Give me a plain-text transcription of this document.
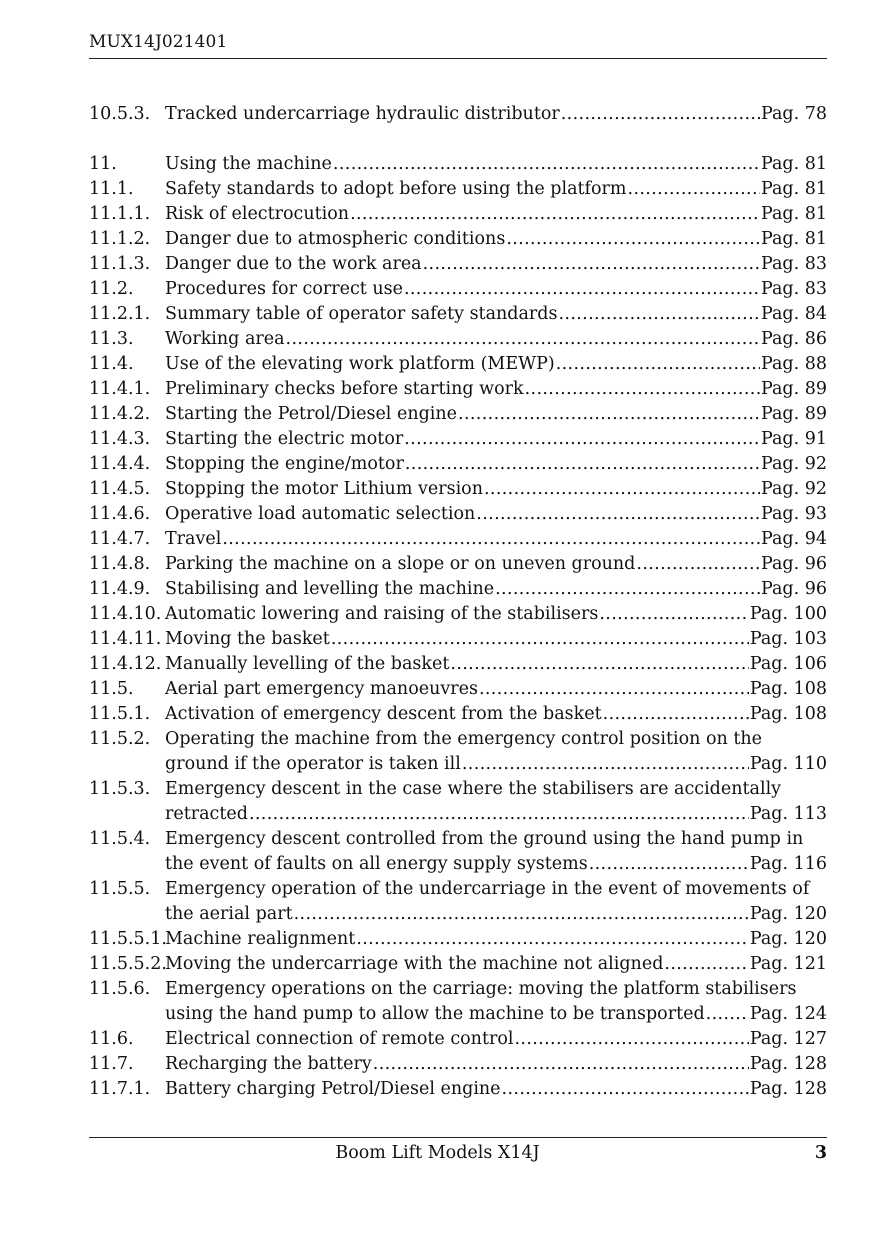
MUX14J021401
10.5.3. Tracked undercarriage hydraulic distributor . . .	Pag. 78
11.	Using the machine . . .	Pag. 81
11.1.	Safety standards to adopt before using the platform . . .	Pag. 81
11.1.1. Risk of electrocution . . .	Pag. 81
11.1.2. Danger due to atmospheric conditions . . .	Pag. 81
11.1.3. Danger due to the work area . . .	Pag. 83
11.2.	Procedures for correct use . . .	Pag. 83
11.2.1. Summary table of operator safety standards . . .	Pag. 84
11.3.	Working area . . .	Pag. 86
11.4.	Use of the elevating work platform (MEWP) . . .	Pag. 88
11.4.1. Preliminary checks before starting work . . .	Pag. 89
11.4.2. Starting the Petrol/Diesel engine . . .	Pag. 89
11.4.3. Starting the electric motor . . .	Pag. 91
11.4.4. Stopping the engine/motor . . .	Pag. 92
11.4.5. Stopping the motor Lithium version . . .	Pag. 92
11.4.6. Operative load automatic selection . . .	Pag. 93
11.4.7. Travel . . .	Pag. 94
11.4.8. Parking the machine on a slope or on uneven ground . . .	Pag. 96
11.4.9. Stabilising and levelling the machine . . .	Pag. 96
11.4.10. Automatic lowering and raising of the stabilisers . . .	Pag. 100
11.4.11. Moving the basket . . .	Pag. 103
11.4.12. Manually levelling of the basket . . .	Pag. 106
11.5.	Aerial part emergency manoeuvres . . .	Pag. 108
11.5.1. Activation of emergency descent from the basket . . .	Pag. 108
11.5.2. Operating the machine from the emergency control position on the
ground if the operator is taken ill . . .	Pag. 110
11.5.3. Emergency descent in the case where the stabilisers are accidentally
retracted . . .	Pag. 113
11.5.4. Emergency descent controlled from the ground using the hand pump in
the event of faults on all energy supply systems . . .	Pag. 116
11.5.5. Emergency operation of the undercarriage in the event of movements of
the aerial part . . .	Pag. 120
11.5.5.1.
Machine realignment . . .	Pag. 120
11.5.5.2.
Moving the undercarriage with the machine not aligned . . .	Pag. 121
11.5.6. Emergency operations on the carriage: moving the platform stabilisers
using the hand pump to allow the machine to be transported . . .	Pag. 124
11.6.	Electrical connection of remote control . . .	Pag. 127
11.7.	Recharging the battery . . .	Pag. 128
11.7.1. Battery charging Petrol/Diesel engine . . .	Pag. 128
Boom Lift Models X14J	3
